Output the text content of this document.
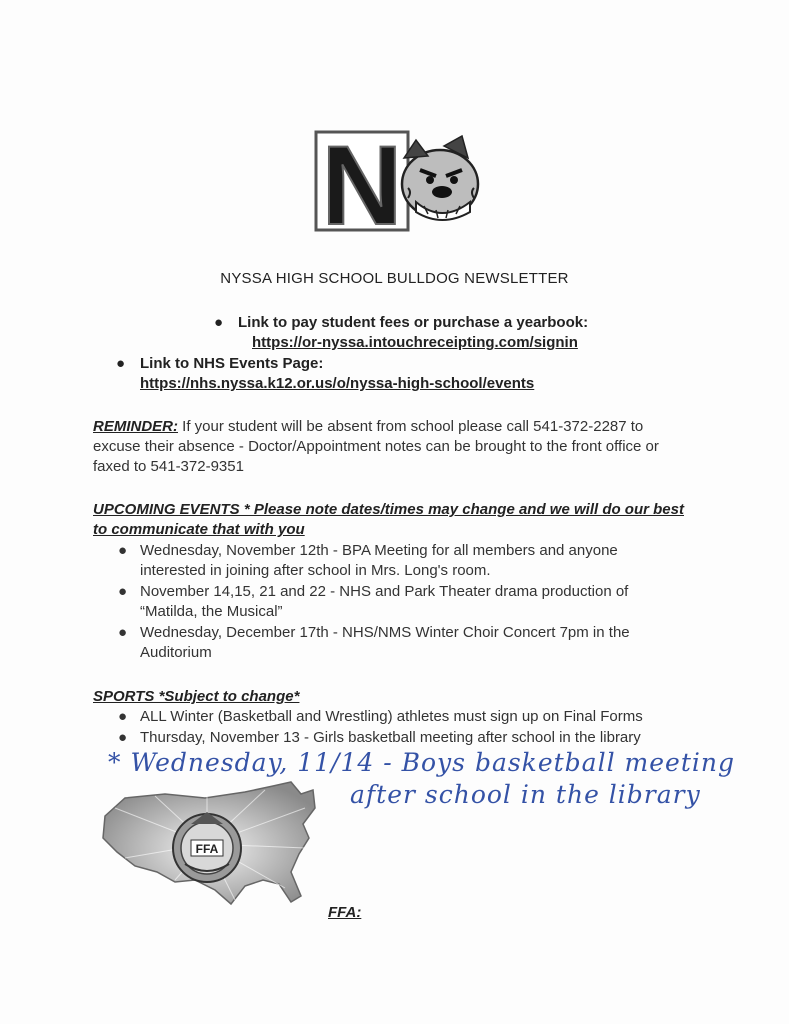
N
NYSSA HIGH SCHOOL BULLDOG NEWSLETTER
● Link to pay student fees or purchase a yearbook:
https://or-nyssa.intouchreceipting.com/signin
● Link to NHS Events Page:
https://nhs.nyssa.k12.or.us/o/nyssa-high-school/events
REMINDER: If your student will be absent from school please call 541-372-2287 to excuse their absence - Doctor/Appointment notes can be brought to the front office or faxed to 541-372-9351
UPCOMING EVENTS * Please note dates/times may change and we will do our best to communicate that with you
● Wednesday, November 12th - BPA Meeting for all members and anyone interested in joining after school in Mrs. Long's room.
● November 14,15, 21 and 22 - NHS and Park Theater drama production of “Matilda, the Musical”
● Wednesday, December 17th - NHS/NMS Winter Choir Concert 7pm in the Auditorium
SPORTS *Subject to change*
● ALL Winter (Basketball and Wrestling) athletes must sign up on Final Forms
● Thursday, November 13 - Girls basketball meeting after school in the library
* Wednesday, 11/14 - Boys basketball meeting
after school in the library
FFA
FFA:
